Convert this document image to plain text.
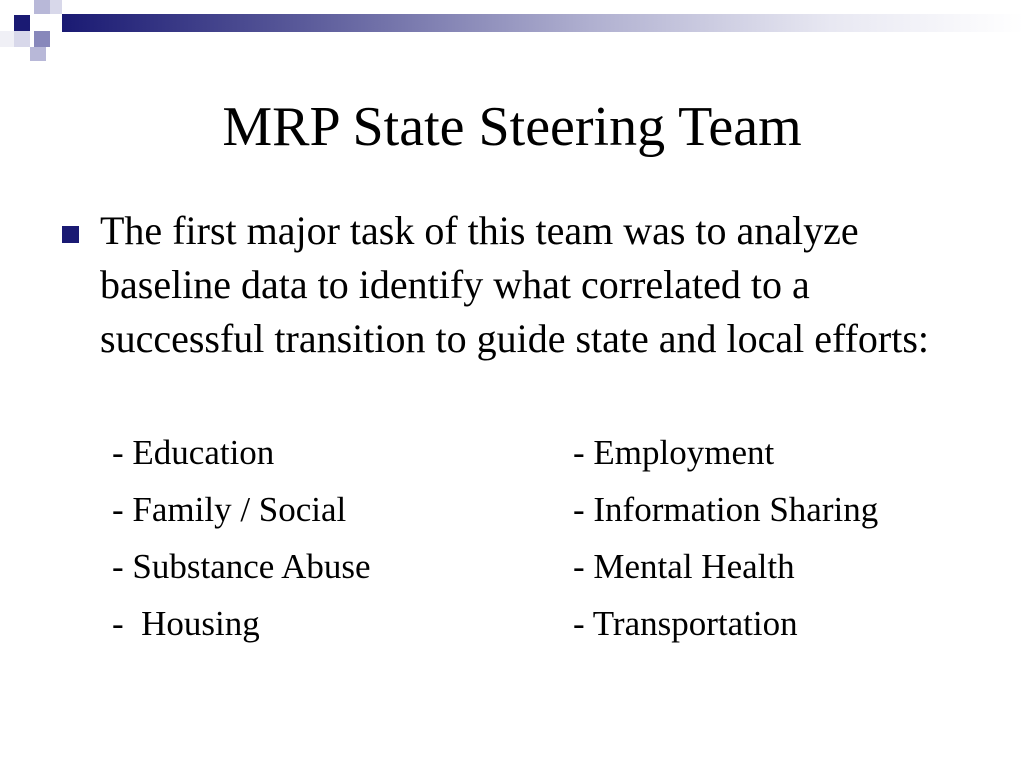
MRP State Steering Team
The first major task of this team was to analyze baseline data to identify what correlated to a successful transition to guide state and local efforts:
- Education	- Employment
- Family / Social	- Information Sharing
- Substance Abuse	- Mental Health
-  Housing	- Transportation
